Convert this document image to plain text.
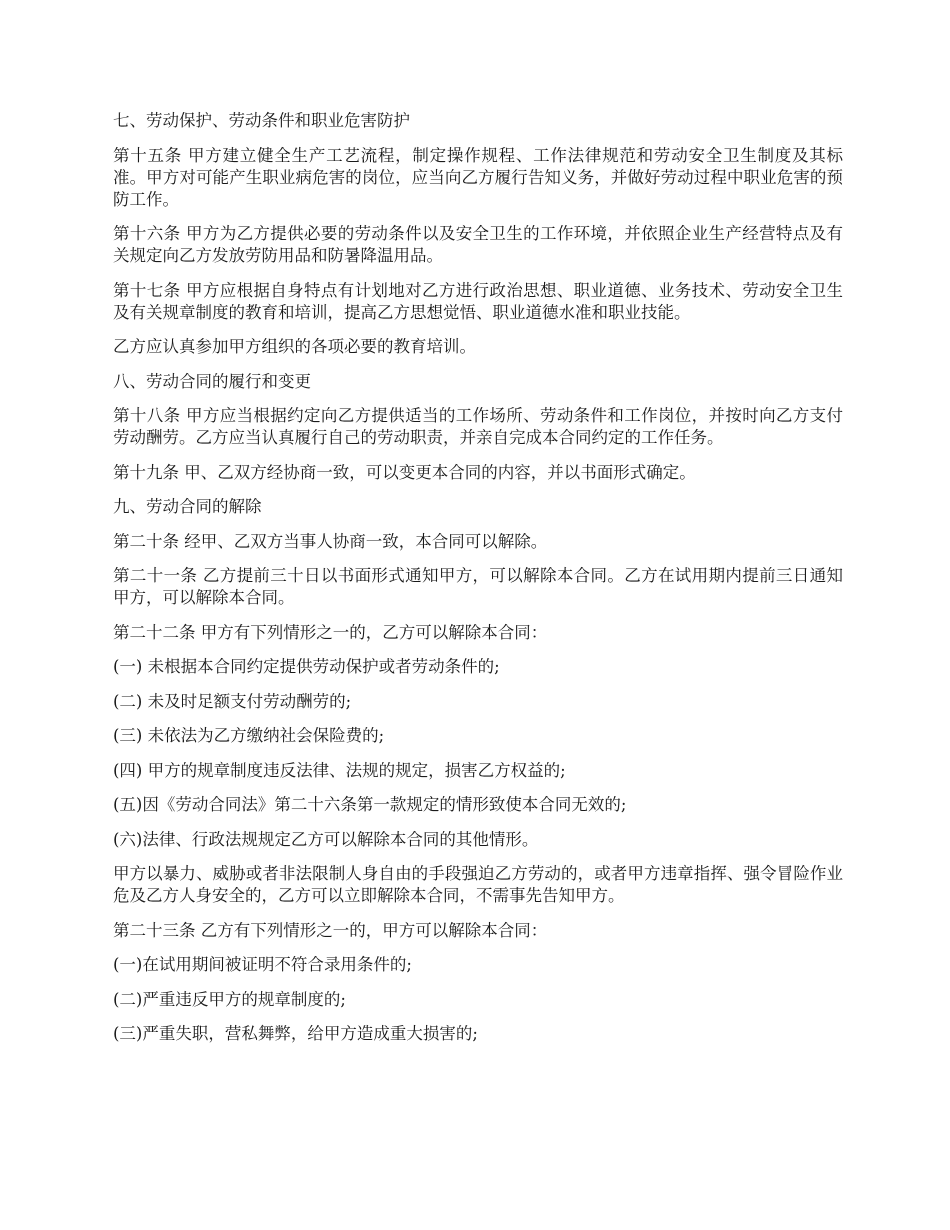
七、劳动保护、劳动条件和职业危害防护

第十五条 甲方建立健全生产工艺流程，制定操作规程、工作法律规范和劳动安全卫生制度及其标准。甲方对可能产生职业病危害的岗位，应当向乙方履行告知义务，并做好劳动过程中职业危害的预防工作。

第十六条 甲方为乙方提供必要的劳动条件以及安全卫生的工作环境，并依照企业生产经营特点及有关规定向乙方发放劳防用品和防暑降温用品。

第十七条 甲方应根据自身特点有计划地对乙方进行政治思想、职业道德、业务技术、劳动安全卫生及有关规章制度的教育和培训，提高乙方思想觉悟、职业道德水准和职业技能。

乙方应认真参加甲方组织的各项必要的教育培训。

八、劳动合同的履行和变更

第十八条 甲方应当根据约定向乙方提供适当的工作场所、劳动条件和工作岗位，并按时向乙方支付劳动酬劳。乙方应当认真履行自己的劳动职责，并亲自完成本合同约定的工作任务。

第十九条 甲、乙双方经协商一致，可以变更本合同的内容，并以书面形式确定。

九、劳动合同的解除

第二十条 经甲、乙双方当事人协商一致，本合同可以解除。

第二十一条 乙方提前三十日以书面形式通知甲方，可以解除本合同。乙方在试用期内提前三日通知甲方，可以解除本合同。

第二十二条 甲方有下列情形之一的，乙方可以解除本合同：

(一) 未根据本合同约定提供劳动保护或者劳动条件的;

(二) 未及时足额支付劳动酬劳的;

(三) 未依法为乙方缴纳社会保险费的;

(四) 甲方的规章制度违反法律、法规的规定，损害乙方权益的;

(五)因《劳动合同法》第二十六条第一款规定的情形致使本合同无效的;

(六)法律、行政法规规定乙方可以解除本合同的其他情形。

甲方以暴力、威胁或者非法限制人身自由的手段强迫乙方劳动的，或者甲方违章指挥、强令冒险作业危及乙方人身安全的，乙方可以立即解除本合同，不需事先告知甲方。

第二十三条 乙方有下列情形之一的，甲方可以解除本合同：

(一)在试用期间被证明不符合录用条件的;

(二)严重违反甲方的规章制度的;

(三)严重失职，营私舞弊，给甲方造成重大损害的;
